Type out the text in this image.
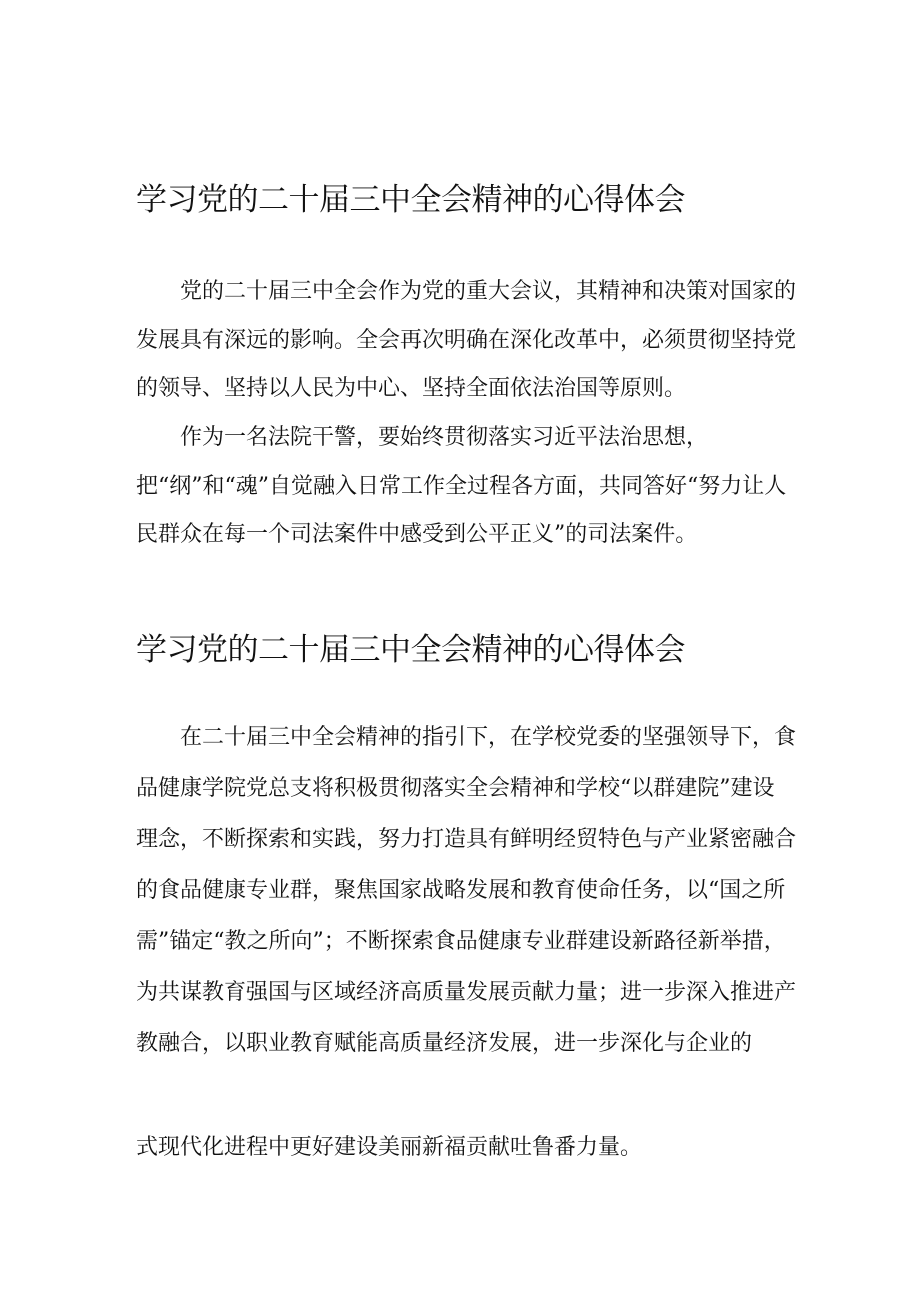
学习党的二十届三中全会精神的心得体会

党的二十届三中全会作为党的重大会议，其精神和决策对国家的发展具有深远的影响。全会再次明确在深化改革中，必须贯彻坚持党的领导、坚持以人民为中心、坚持全面依法治国等原则。

作为一名法院干警，要始终贯彻落实习近平法治思想，把“纲”和“魂”自觉融入日常工作全过程各方面，共同答好“努力让人民群众在每一个司法案件中感受到公平正义”的司法案件。

学习党的二十届三中全会精神的心得体会

在二十届三中全会精神的指引下，在学校党委的坚强领导下，食品健康学院党总支将积极贯彻落实全会精神和学校“以群建院”建设理念，不断探索和实践，努力打造具有鲜明经贸特色与产业紧密融合的食品健康专业群，聚焦国家战略发展和教育使命任务，以“国之所需”锚定“教之所向”；不断探索食品健康专业群建设新路径新举措，为共谋教育强国与区域经济高质量发展贡献力量；进一步深入推进产教融合，以职业教育赋能高质量经济发展，进一步深化与企业的

式现代化进程中更好建设美丽新福贡献吐鲁番力量。
